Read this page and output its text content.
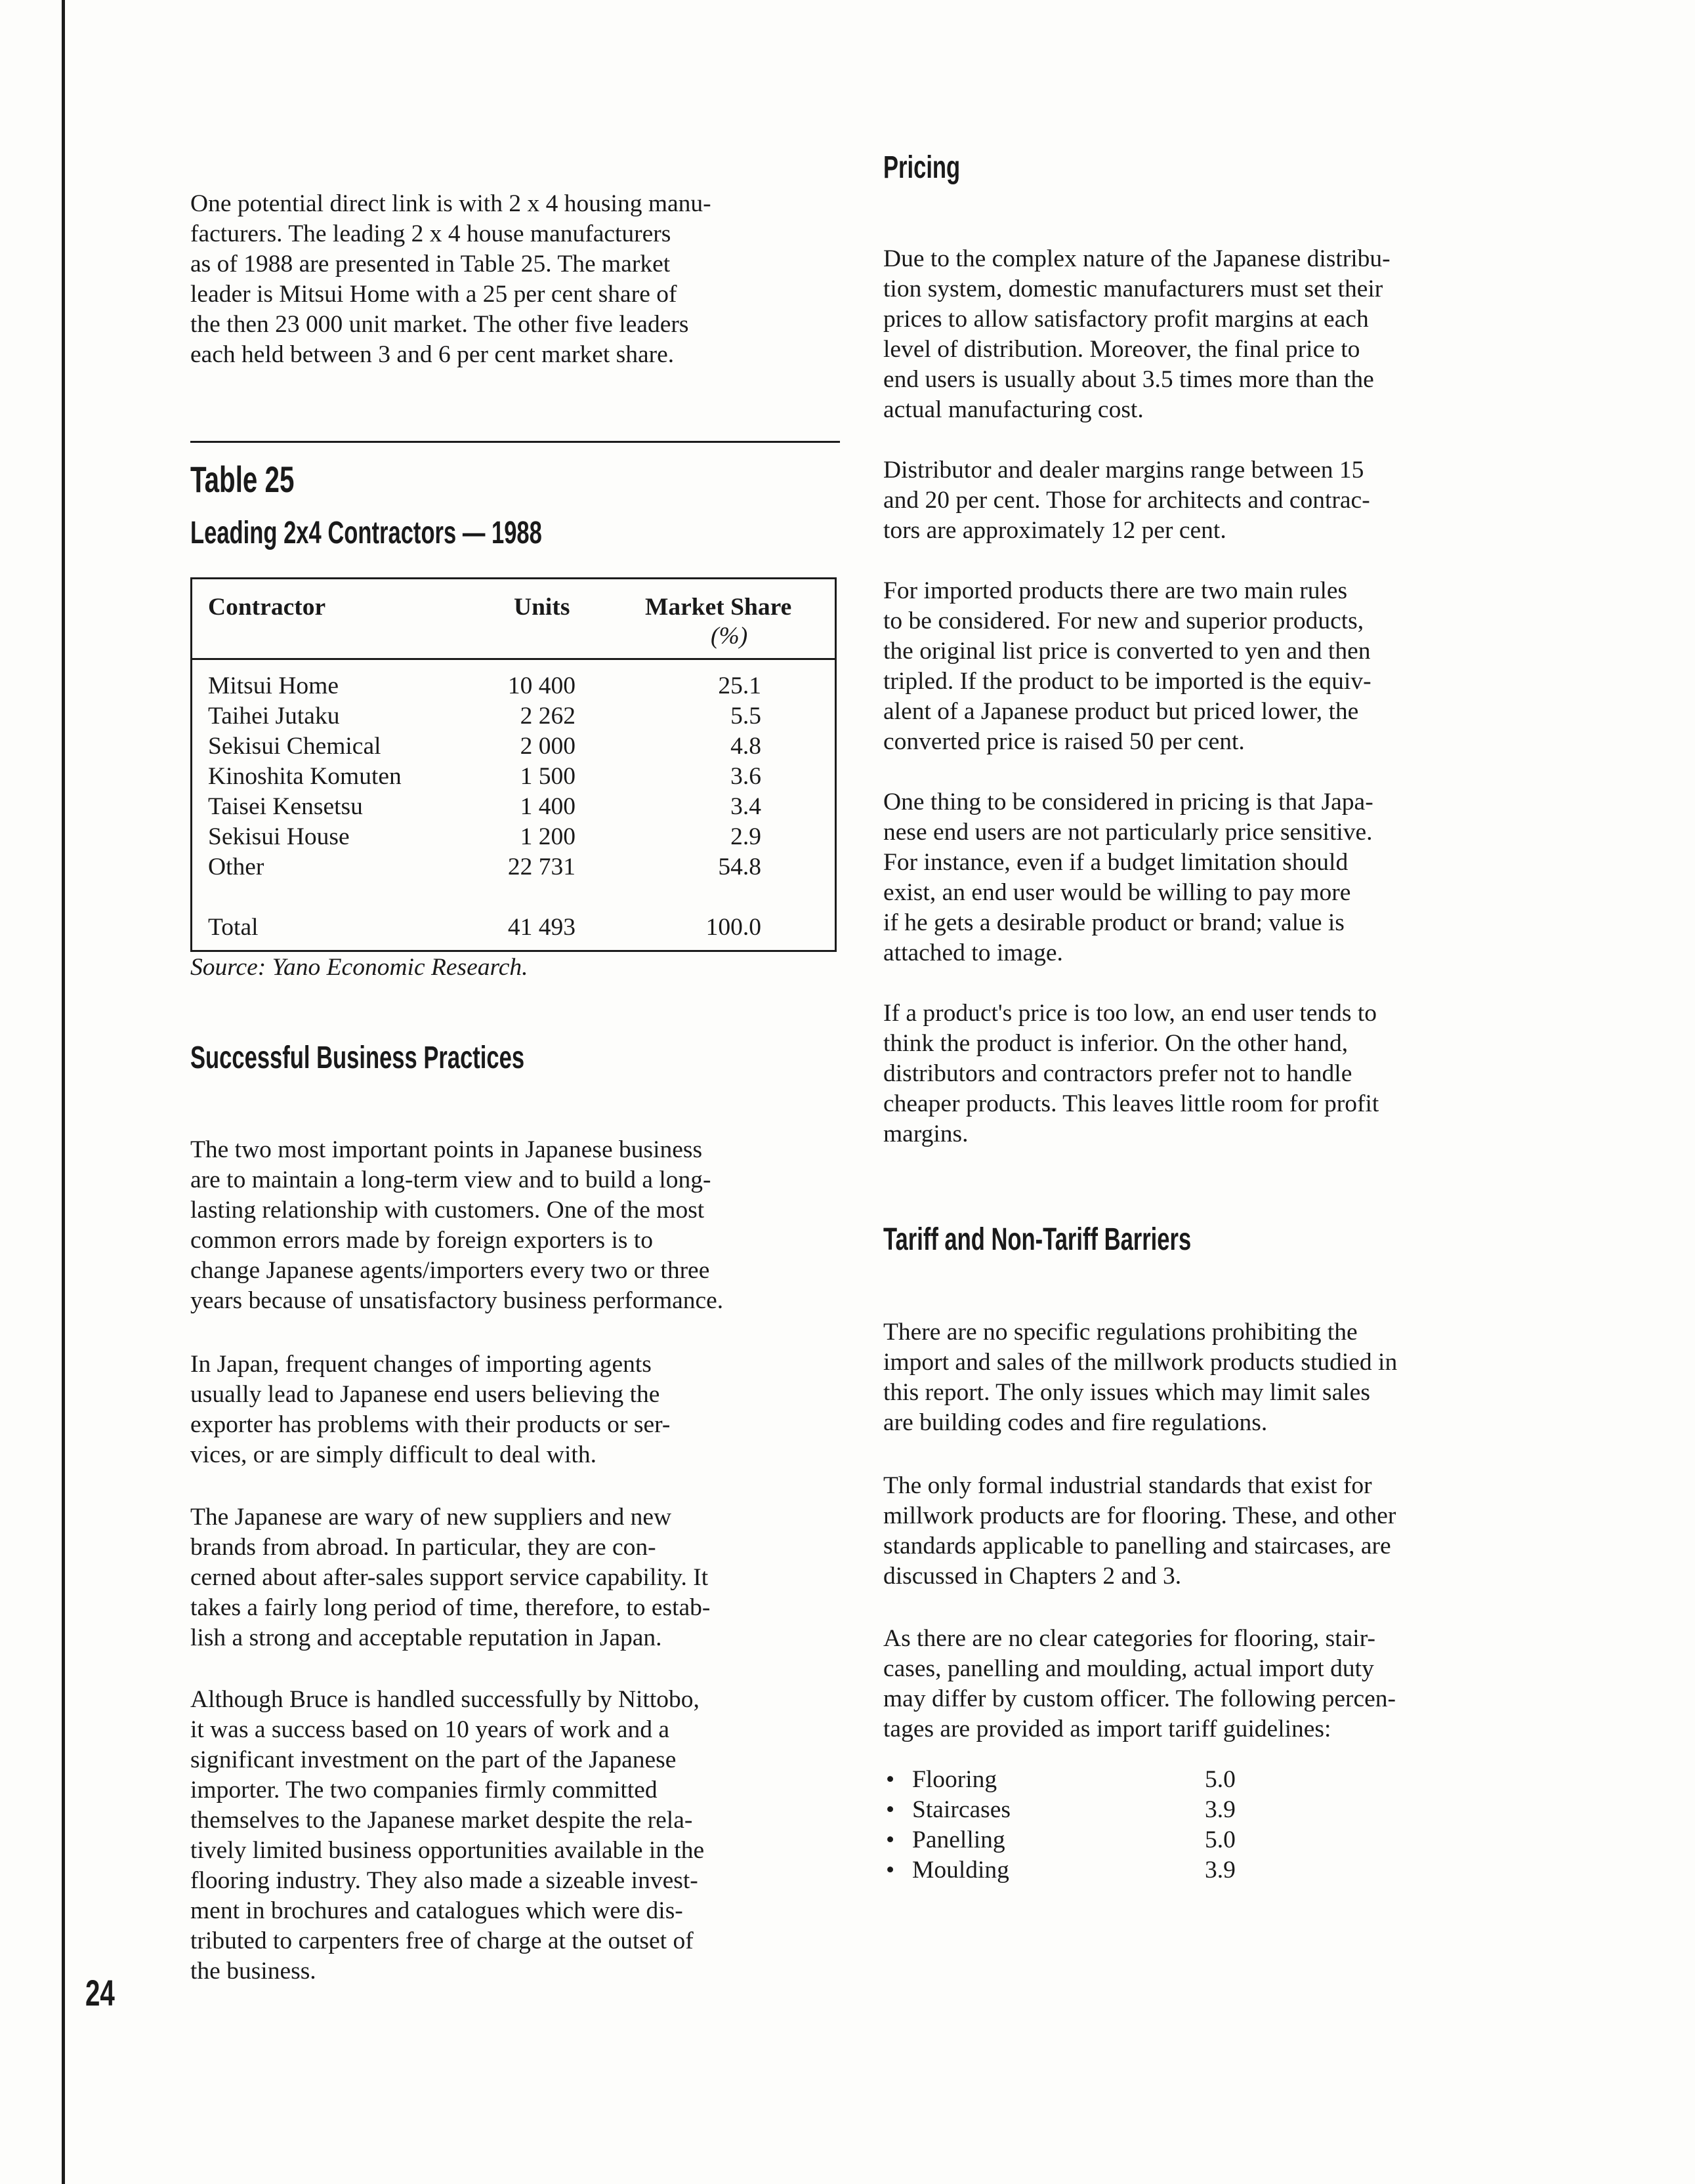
One potential direct link is with 2 x 4 housing manu-
facturers. The leading 2 x 4 house manufacturers
as of 1988 are presented in Table 25. The market
leader is Mitsui Home with a 25 per cent share of
the then 23 000 unit market. The other five leaders
each held between 3 and 6 per cent market share.

Table 25
Leading 2x4 Contractors — 1988
Contractor	Units	Market Share
(%)
Mitsui Home	10 400	25.1
Taihei Jutaku	2 262	5.5
Sekisui Chemical	2 000	4.8
Kinoshita Komuten	1 500	3.6
Taisei Kensetsu	1 400	3.4
Sekisui House	1 200	2.9
Other	22 731	54.8
Total	41 493	100.0
Source: Yano Economic Research.
Successful Business Practices

The two most important points in Japanese business
are to maintain a long-term view and to build a long-
lasting relationship with customers. One of the most
common errors made by foreign exporters is to
change Japanese agents/importers every two or three
years because of unsatisfactory business performance.

In Japan, frequent changes of importing agents
usually lead to Japanese end users believing the
exporter has problems with their products or ser-
vices, or are simply difficult to deal with.

The Japanese are wary of new suppliers and new
brands from abroad. In particular, they are con-
cerned about after-sales support service capability. It
takes a fairly long period of time, therefore, to estab-
lish a strong and acceptable reputation in Japan.

Although Bruce is handled successfully by Nittobo,
it was a success based on 10 years of work and a
significant investment on the part of the Japanese
importer. The two companies firmly committed
themselves to the Japanese market despite the rela-
tively limited business opportunities available in the
flooring industry. They also made a sizeable invest-
ment in brochures and catalogues which were dis-
tributed to carpenters free of charge at the outset of
the business.

Pricing

Due to the complex nature of the Japanese distribu-
tion system, domestic manufacturers must set their
prices to allow satisfactory profit margins at each
level of distribution. Moreover, the final price to
end users is usually about 3.5 times more than the
actual manufacturing cost.

Distributor and dealer margins range between 15
and 20 per cent. Those for architects and contrac-
tors are approximately 12 per cent.

For imported products there are two main rules
to be considered. For new and superior products,
the original list price is converted to yen and then
tripled. If the product to be imported is the equiv-
alent of a Japanese product but priced lower, the
converted price is raised 50 per cent.

One thing to be considered in pricing is that Japa-
nese end users are not particularly price sensitive.
For instance, even if a budget limitation should
exist, an end user would be willing to pay more
if he gets a desirable product or brand; value is
attached to image.

If a product's price is too low, an end user tends to
think the product is inferior. On the other hand,
distributors and contractors prefer not to handle
cheaper products. This leaves little room for profit
margins.

Tariff and Non-Tariff Barriers

There are no specific regulations prohibiting the
import and sales of the millwork products studied in
this report. The only issues which may limit sales
are building codes and fire regulations.

The only formal industrial standards that exist for
millwork products are for flooring. These, and other
standards applicable to panelling and staircases, are
discussed in Chapters 2 and 3.

As there are no clear categories for flooring, stair-
cases, panelling and moulding, actual import duty
may differ by custom officer. The following percen-
tages are provided as import tariff guidelines:

• Flooring	5.0
• Staircases	3.9
• Panelling	5.0
• Moulding	3.9
24
